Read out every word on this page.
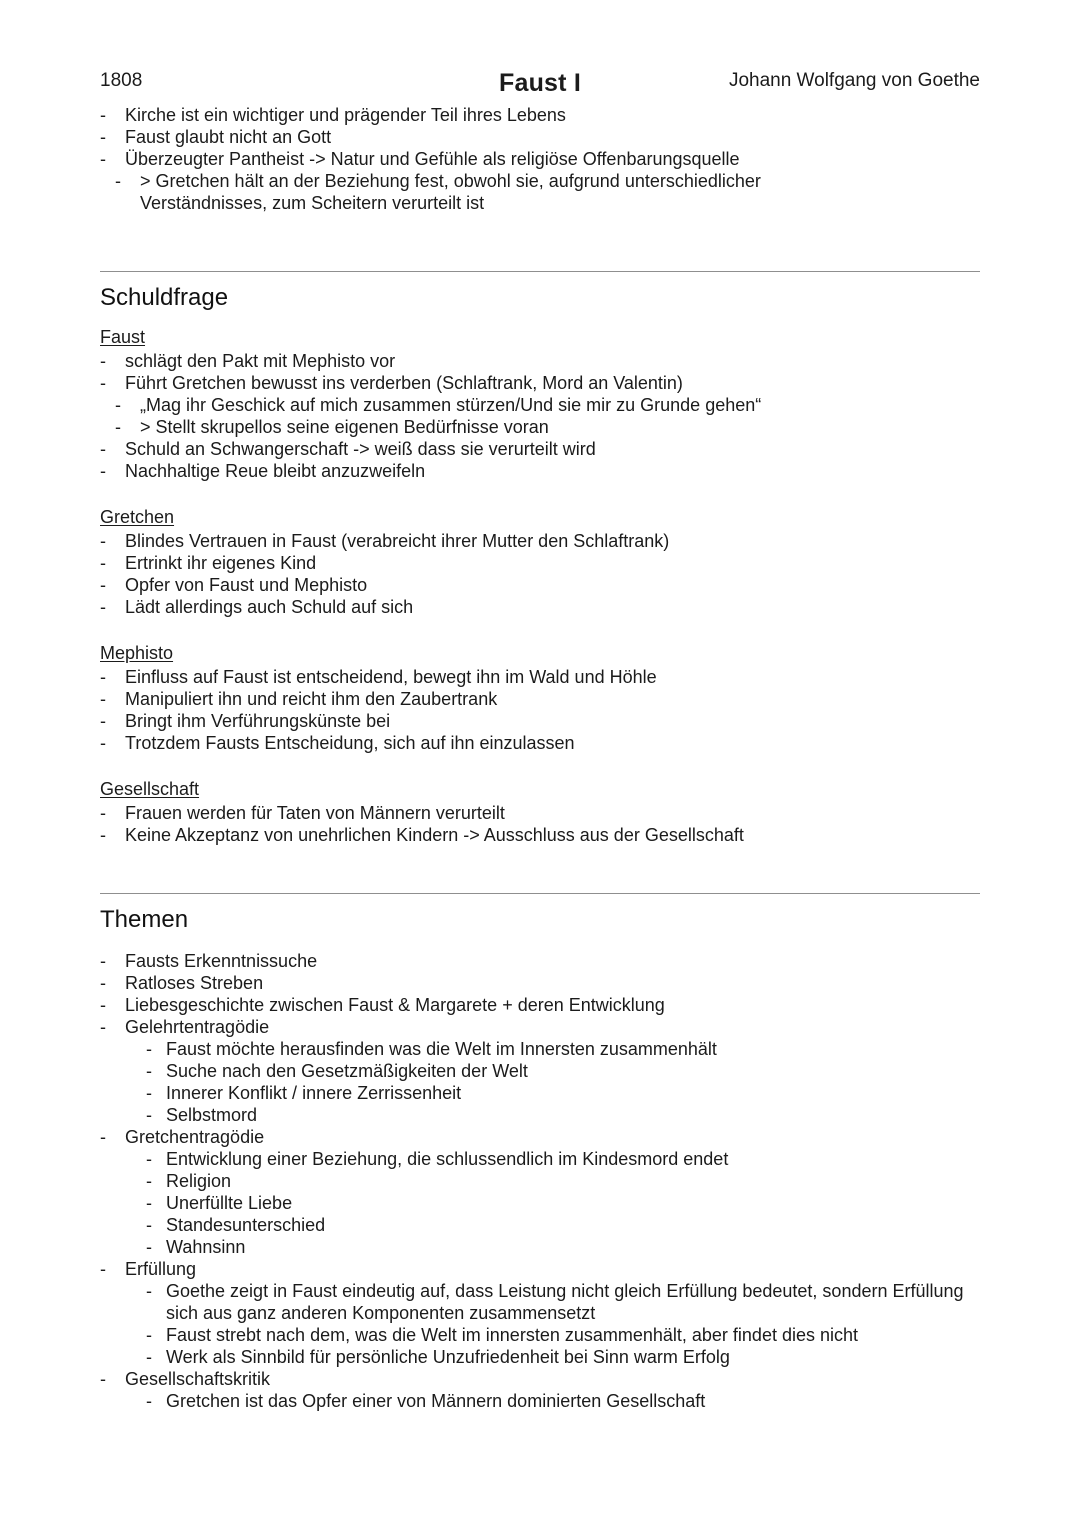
1808	Faust I	Johann Wolfgang von Goethe
-	Kirche ist ein wichtiger und prägender Teil ihres Lebens
-	Faust glaubt nicht an Gott
-	Überzeugter Pantheist -> Natur und Gefühle als religiöse Offenbarungsquelle
-	> Gretchen hält an der Beziehung fest, obwohl sie, aufgrund unterschiedlicher Verständnisses, zum Scheitern verurteilt ist
Schuldfrage
Faust
-	schlägt den Pakt mit Mephisto vor
-	Führt Gretchen bewusst ins verderben (Schlaftrank, Mord an Valentin)
-	„Mag ihr Geschick auf mich zusammen stürzen/Und sie mir zu Grunde gehen“
-	> Stellt skrupellos seine eigenen Bedürfnisse voran
-	Schuld an Schwangerschaft -> weiß dass sie verurteilt wird
-	Nachhaltige Reue bleibt anzuzweifeln
Gretchen
-	Blindes Vertrauen in Faust (verabreicht ihrer Mutter den Schlaftrank)
-	Ertrinkt ihr eigenes Kind
-	Opfer von Faust und Mephisto
-	Lädt allerdings auch Schuld auf sich
Mephisto
-	Einfluss auf Faust ist entscheidend, bewegt ihn im Wald und Höhle
-	Manipuliert ihn und reicht ihm den Zaubertrank
-	Bringt ihm Verführungskünste bei
-	Trotzdem Fausts Entscheidung, sich auf ihn einzulassen
Gesellschaft
-	Frauen werden für Taten von Männern verurteilt
-	Keine Akzeptanz von unehrlichen Kindern -> Ausschluss aus der Gesellschaft
Themen
-	Fausts Erkenntnissuche
-	Ratloses Streben
-	Liebesgeschichte zwischen Faust & Margarete + deren Entwicklung
-	Gelehrtentragödie
- Faust möchte herausfinden was die Welt im Innersten zusammenhält
- Suche nach den Gesetzmäßigkeiten der Welt
- Innerer Konflikt / innere Zerrissenheit
- Selbstmord
-	Gretchentragödie
- Entwicklung einer Beziehung, die schlussendlich im Kindesmord endet
- Religion
- Unerfüllte Liebe
- Standesunterschied
- Wahnsinn
-	Erfüllung
- Goethe zeigt in Faust eindeutig auf, dass Leistung nicht gleich Erfüllung bedeutet, sondern Erfüllung sich aus ganz anderen Komponenten zusammensetzt
- Faust strebt nach dem, was die Welt im innersten zusammenhält, aber findet dies nicht
- Werk als Sinnbild für persönliche Unzufriedenheit bei Sinn warm Erfolg
-	Gesellschaftskritik
- Gretchen ist das Opfer einer von Männern dominierten Gesellschaft
